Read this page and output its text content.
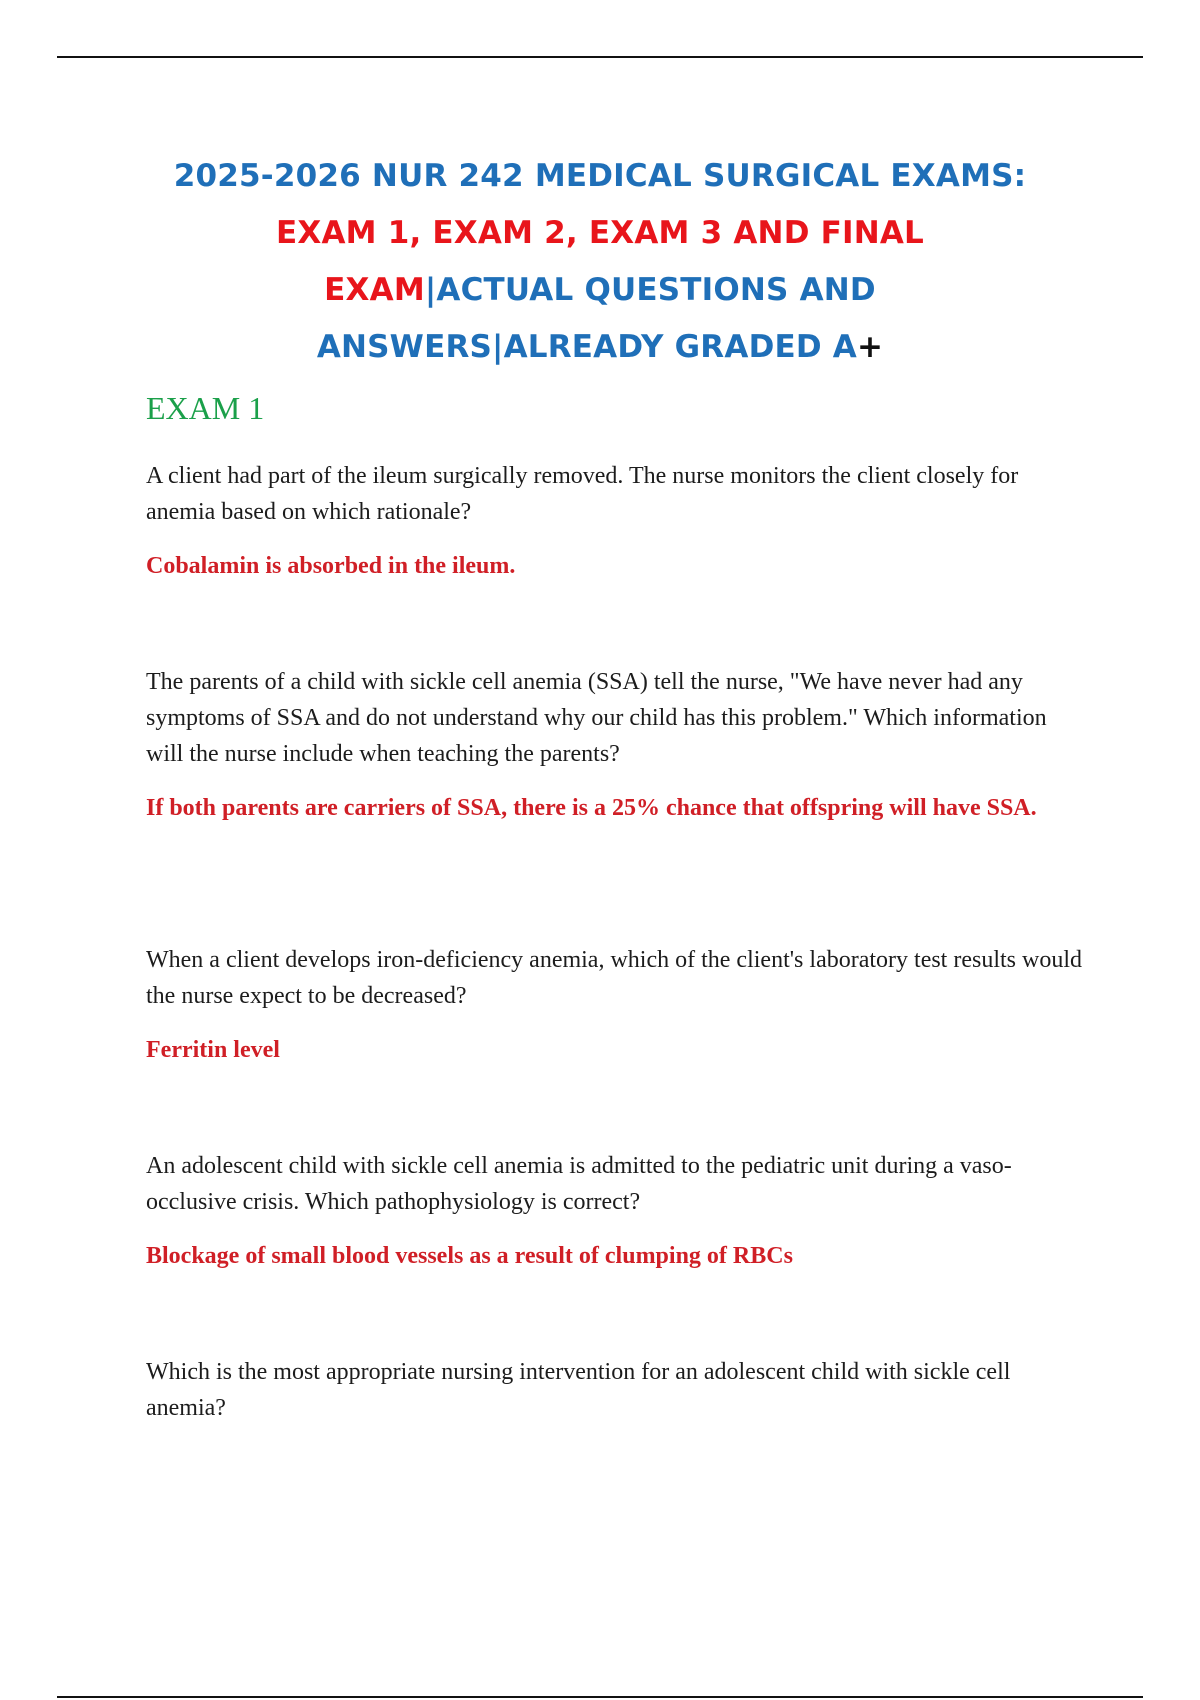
2025-2026 NUR 242 MEDICAL SURGICAL EXAMS:
EXAM 1, EXAM 2, EXAM 3 AND FINAL
EXAM|ACTUAL QUESTIONS AND
ANSWERS|ALREADY GRADED A+
EXAM 1

A client had part of the ileum surgically removed. The nurse monitors the client closely for anemia based on which rationale?

Cobalamin is absorbed in the ileum.

The parents of a child with sickle cell anemia (SSA) tell the nurse, "We have never had any symptoms of SSA and do not understand why our child has this problem." Which information will the nurse include when teaching the parents?

If both parents are carriers of SSA, there is a 25% chance that offspring will have SSA.

When a client develops iron-deficiency anemia, which of the client's laboratory test results would the nurse expect to be decreased?

Ferritin level

An adolescent child with sickle cell anemia is admitted to the pediatric unit during a vaso-occlusive crisis. Which pathophysiology is correct?

Blockage of small blood vessels as a result of clumping of RBCs

Which is the most appropriate nursing intervention for an adolescent child with sickle cell anemia?
